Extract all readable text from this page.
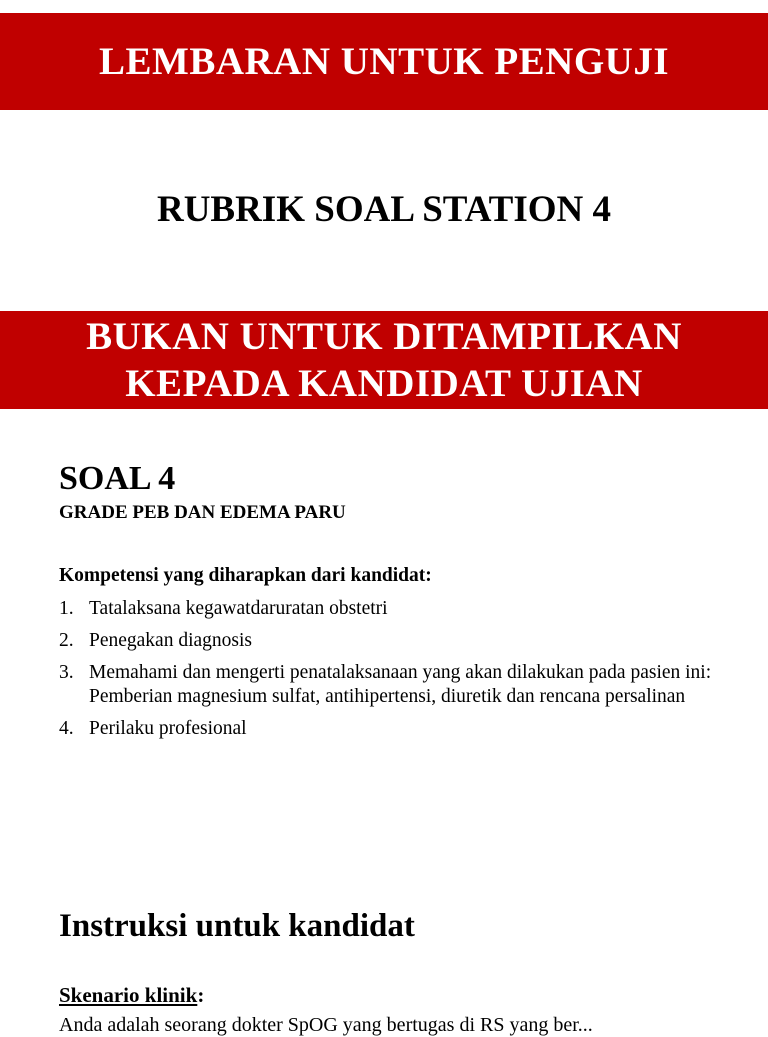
LEMBARAN UNTUK PENGUJI
RUBRIK SOAL STATION 4
BUKAN UNTUK DITAMPILKAN
KEPADA KANDIDAT UJIAN
SOAL 4
GRADE PEB DAN EDEMA PARU
Kompetensi yang diharapkan dari kandidat:
1. Tatalaksana kegawatdaruratan obstetri
2. Penegakan diagnosis
3. Memahami dan mengerti penatalaksanaan yang akan dilakukan pada pasien ini: Pemberian magnesium sulfat, antihipertensi, diuretik dan rencana persalinan
4. Perilaku profesional
Instruksi untuk kandidat
Skenario klinik:
Anda adalah seorang dokter SpOG yang bertugas di RS yang ber...
